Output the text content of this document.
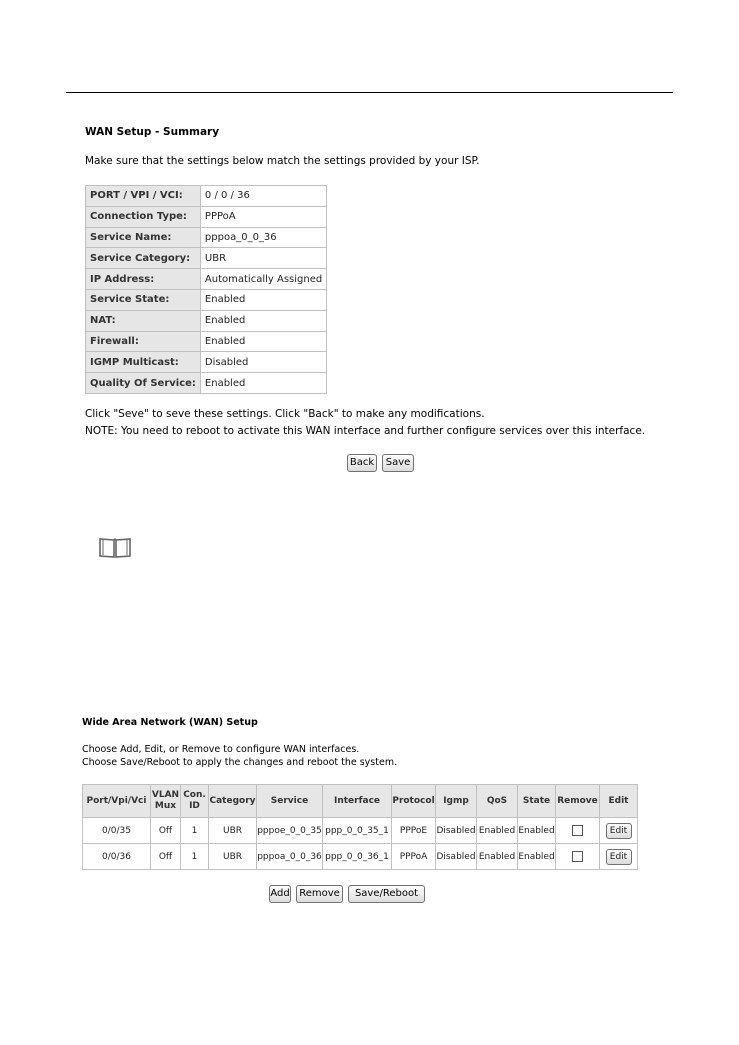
WAN Setup - Summary

Make sure that the settings below match the settings provided by your ISP.

PORT / VPI / VCI:	0 / 0 / 36
Connection Type:	PPPoA
Service Name:	pppoa_0_0_36
Service Category:	UBR
IP Address:	Automatically Assigned
Service State:	Enabled
NAT:	Enabled
Firewall:	Enabled
IGMP Multicast:	Disabled
Quality Of Service:	Enabled

Click "Seve" to seve these settings. Click "Back" to make any modifications.

NOTE: You need to reboot to activate this WAN interface and further configure services over this interface.

Back	Save

Wide Area Network (WAN) Setup

Choose Add, Edit, or Remove to configure WAN interfaces.

Choose Save/Reboot to apply the changes and reboot the system.

Port/Vpi/Vci	VLAN Mux	Con. ID	Category	Service	Interface	Protocol	Igmp	QoS	State	Remove	Edit
0/0/35	Off	1	UBR	pppoe_0_0_35	ppp_0_0_35_1	PPPoE	Disabled	Enabled	Enabled		Edit
0/0/36	Off	1	UBR	pppoa_0_0_36	ppp_0_0_36_1	PPPoA	Disabled	Enabled	Enabled		Edit
Add Remove	Save/Reboot
